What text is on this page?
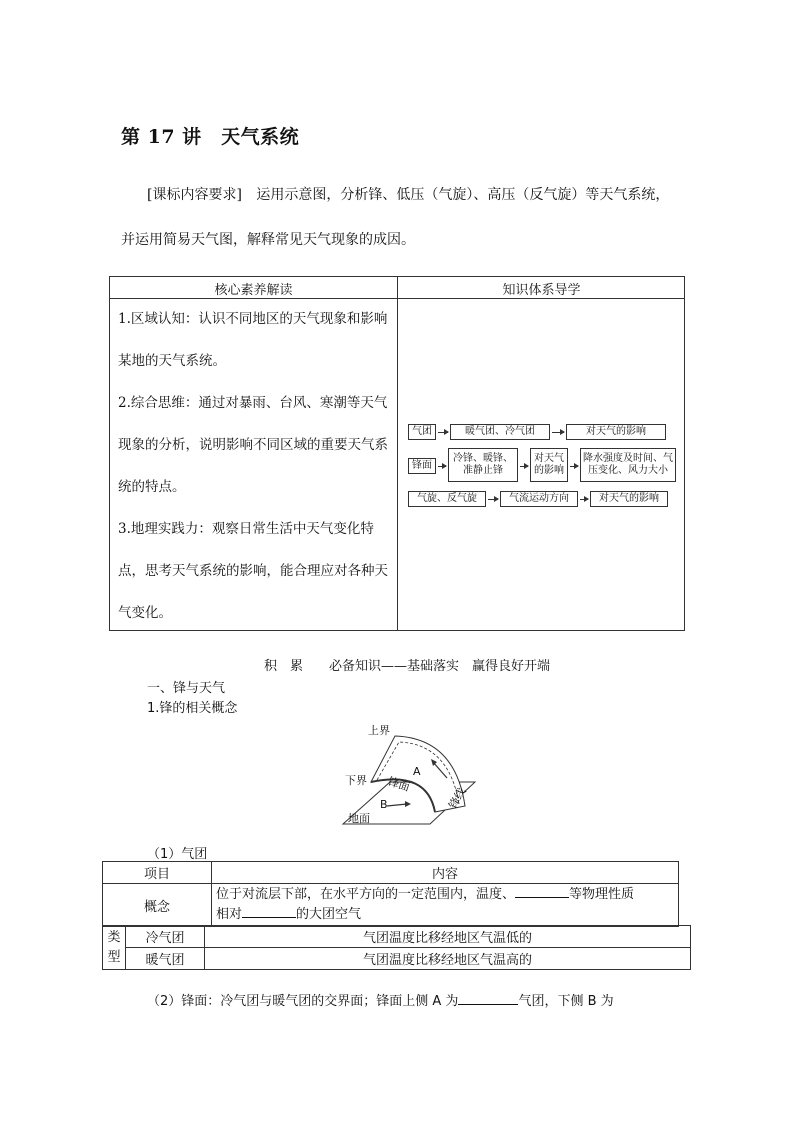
第 17 讲　天气系统
[课标内容要求] 运用示意图，分析锋、低压（气旋）、高压（反气旋）等天气系统，
并运用简易天气图，解释常见天气现象的成因。
核心素养解读	知识体系导学

1.区域认知：认识不同地区的天气现象和影响某地的天气系统。

2.综合思维：通过对暴雨、台风、寒潮等天气现象的分析，说明影响不同区域的重要天气系统的特点。

3.地理实践力：观察日常生活中天气变化特点，思考天气系统的影响，能合理应对各种天气变化。

气团	暖气团、冷气团	对天气的影响
锋面
冷锋、暖锋、准静止锋
对天气的影响
降水强度及时间、气压变化、风力大小
气旋、反气旋	气流运动方向	对天气的影响
积　累　　必备知识——基础落实　赢得良好开端
一、锋与天气
1.锋的相关概念
上界
下界
地面
锋面
锋线
A
B
（1）气团
项目	内容
概念	位于对流层下部，在水平方向的一定范围内，温度、 等物理性质
相对 的大团空气
类
型	冷气团	气团温度比移经地区气温低的
	暖气团	气团温度比移经地区气温高的
（2）锋面：冷气团与暖气团的交界面；锋面上侧 A 为	气团，下侧 B 为
